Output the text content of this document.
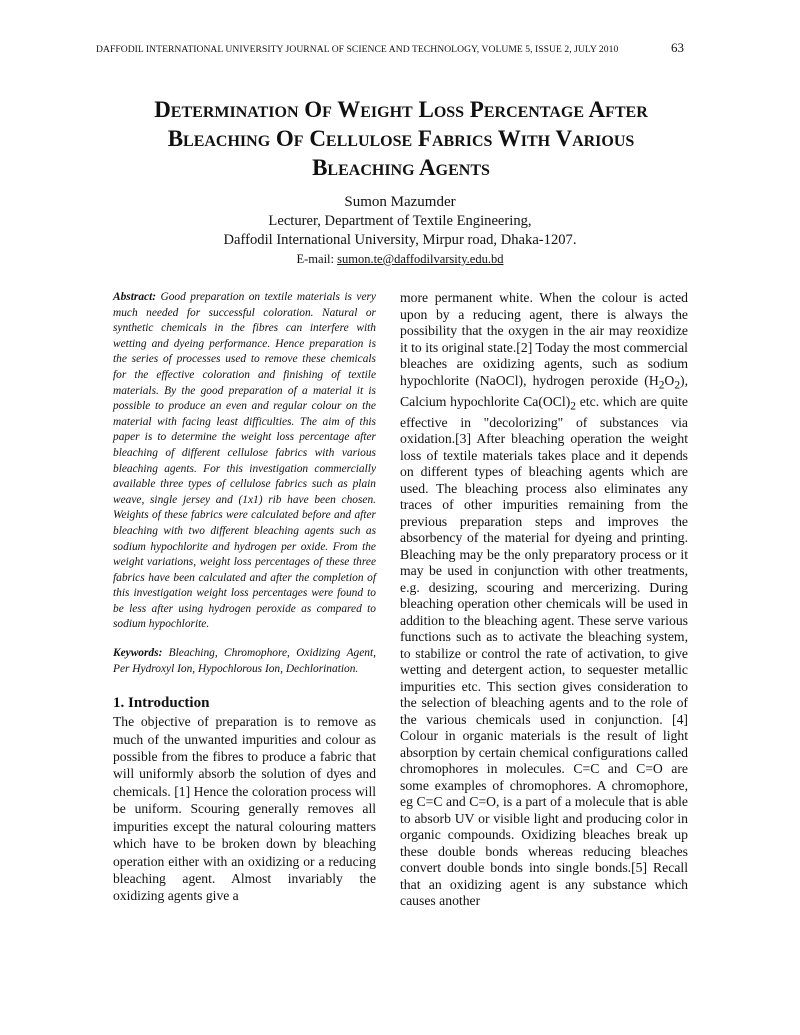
DAFFODIL INTERNATIONAL UNIVERSITY JOURNAL OF SCIENCE AND TECHNOLOGY, VOLUME 5, ISSUE 2, JULY 2010	63
Determination Of Weight Loss Percentage After
Bleaching Of Cellulose Fabrics With Various
Bleaching Agents
Sumon Mazumder
Lecturer, Department of Textile Engineering,
Daffodil International University, Mirpur road, Dhaka-1207.
E-mail: sumon.te@daffodilvarsity.edu.bd

Abstract: Good preparation on textile materials is very much needed for successful coloration. Natural or synthetic chemicals in the fibres can interfere with wetting and dyeing performance. Hence preparation is the series of processes used to remove these chemicals for the effective coloration and finishing of textile materials. By the good preparation of a material it is possible to produce an even and regular colour on the material with facing least difficulties. The aim of this paper is to determine the weight loss percentage after bleaching of different cellulose fabrics with various bleaching agents. For this investigation commercially available three types of cellulose fabrics such as plain weave, single jersey and (1x1) rib have been chosen. Weights of these fabrics were calculated before and after bleaching with two different bleaching agents such as sodium hypochlorite and hydrogen per oxide. From the weight variations, weight loss percentages of these three fabrics have been calculated and after the completion of this investigation weight loss percentages were found to be less after using hydrogen peroxide as compared to sodium hypochlorite.

Keywords: Bleaching, Chromophore, Oxidizing Agent, Per Hydroxyl Ion, Hypochlorous Ion, Dechlorination.

1. Introduction

The objective of preparation is to remove as much of the unwanted impurities and colour as possible from the fibres to produce a fabric that will uniformly absorb the solution of dyes and chemicals. [1] Hence the coloration process will be uniform. Scouring generally removes all impurities except the natural colouring matters which have to be broken down by bleaching operation either with an oxidizing or a reducing bleaching agent. Almost invariably the oxidizing agents give a

more permanent white. When the colour is acted upon by a reducing agent, there is always the possibility that the oxygen in the air may reoxidize it to its original state.[2] Today the most commercial bleaches are oxidizing agents, such as sodium hypochlorite (NaOCl), hydrogen peroxide $(H_2O_2)$, Calcium hypochlorite $Ca(OCl)_2$ etc. which are quite effective in "decolorizing" of substances via oxidation.[3] After bleaching operation the weight loss of textile materials takes place and it depends on different types of bleaching agents which are used. The bleaching process also eliminates any traces of other impurities remaining from the previous preparation steps and improves the absorbency of the material for dyeing and printing. Bleaching may be the only preparatory process or it may be used in conjunction with other treatments, e.g. desizing, scouring and mercerizing. During bleaching operation other chemicals will be used in addition to the bleaching agent. These serve various functions such as to activate the bleaching system, to stabilize or control the rate of activation, to give wetting and detergent action, to sequester metallic impurities etc. This section gives consideration to the selection of bleaching agents and to the role of the various chemicals used in conjunction. [4] Colour in organic materials is the result of light absorption by certain chemical configurations called chromophores in molecules. C=C and C=O are some examples of chromophores. A chromophore, eg C=C and C=O, is a part of a molecule that is able to absorb UV or visible light and producing color in organic compounds. Oxidizing bleaches break up these double bonds whereas reducing bleaches convert double bonds into single bonds.[5] Recall that an oxidizing agent is any substance which causes another
